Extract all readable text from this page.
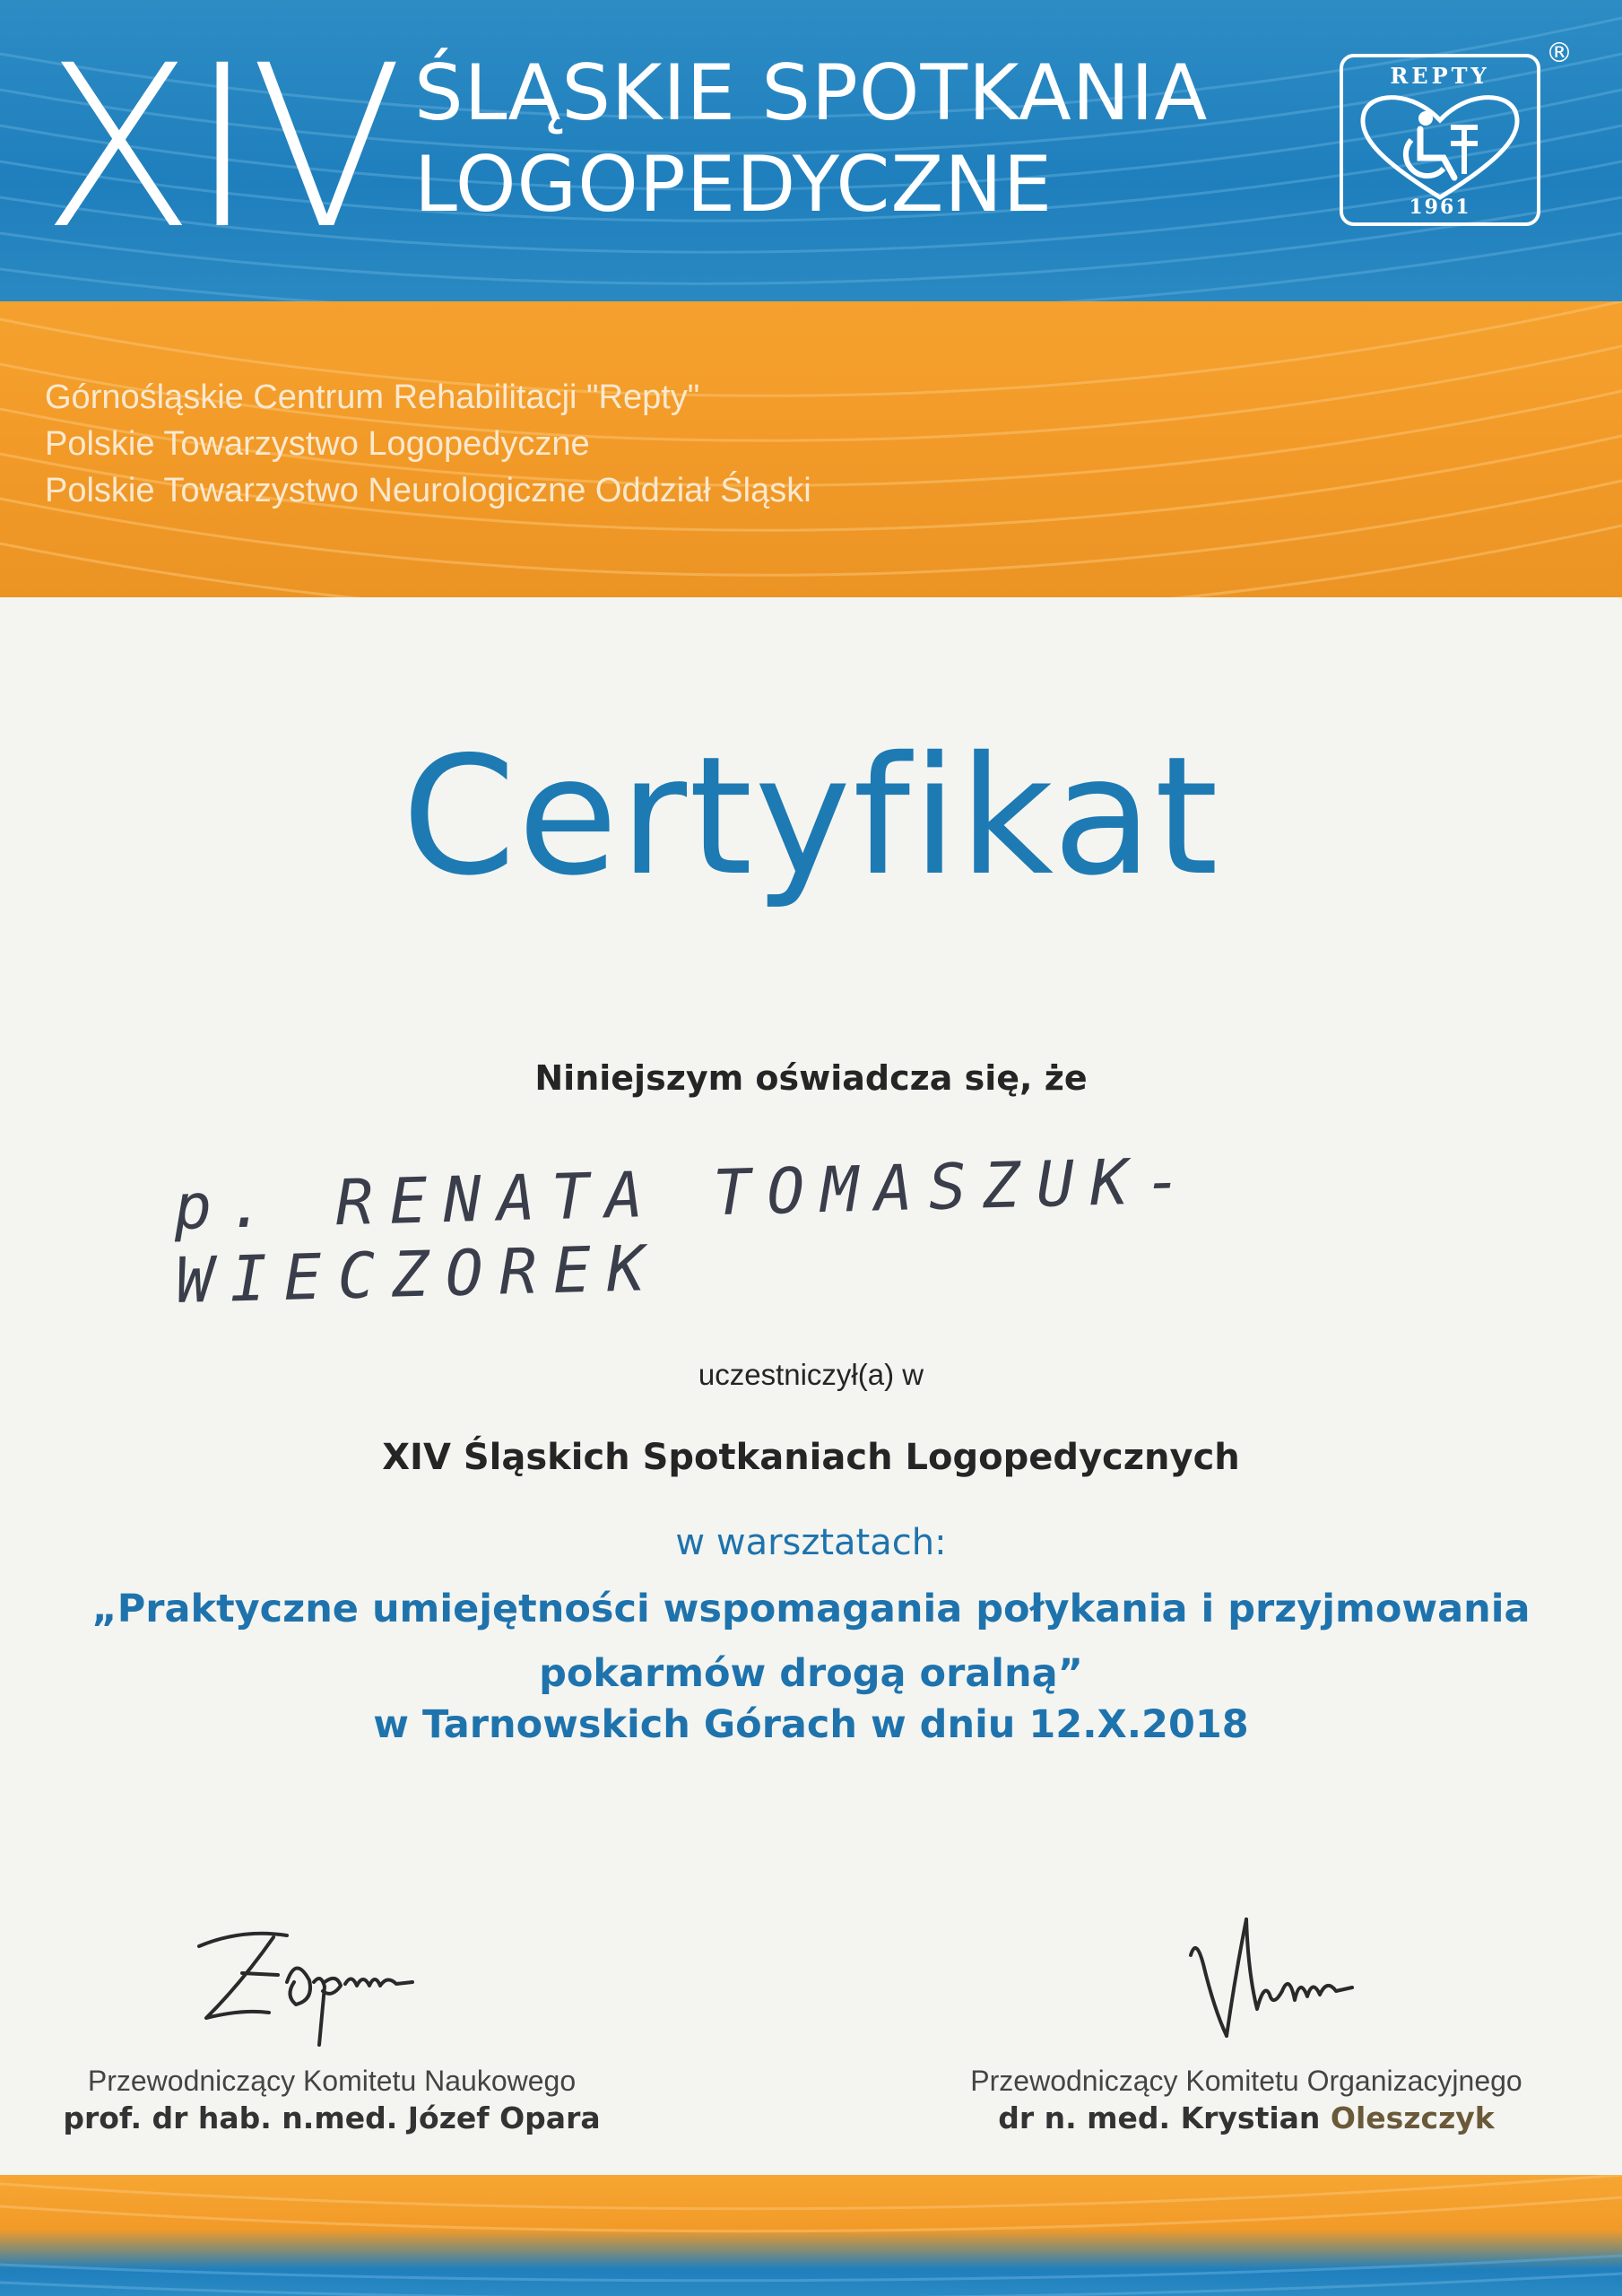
XIV ŚLĄSKIE SPOTKANIA
LOGOPEDYCZNE
REPTY
1961
®
Górnośląskie Centrum Rehabilitacji "Repty"
Polskie Towarzystwo Logopedyczne
Polskie Towarzystwo Neurologiczne Oddział Śląski
Certyfikat
Niniejszym oświadcza się, że
p. RENATA TOMASZUK-WIECZOREK
uczestniczył(a) w
XIV Śląskich Spotkaniach Logopedycznych
w warsztatach:
„Praktyczne umiejętności wspomagania połykania i przyjmowania
pokarmów drogą oralną”
w Tarnowskich Górach w dniu 12.X.2018
Przewodniczący Komitetu Naukowego
prof. dr hab. n.med. Józef Opara
Przewodniczący Komitetu Organizacyjnego
dr n. med. Krystian Oleszczyk
